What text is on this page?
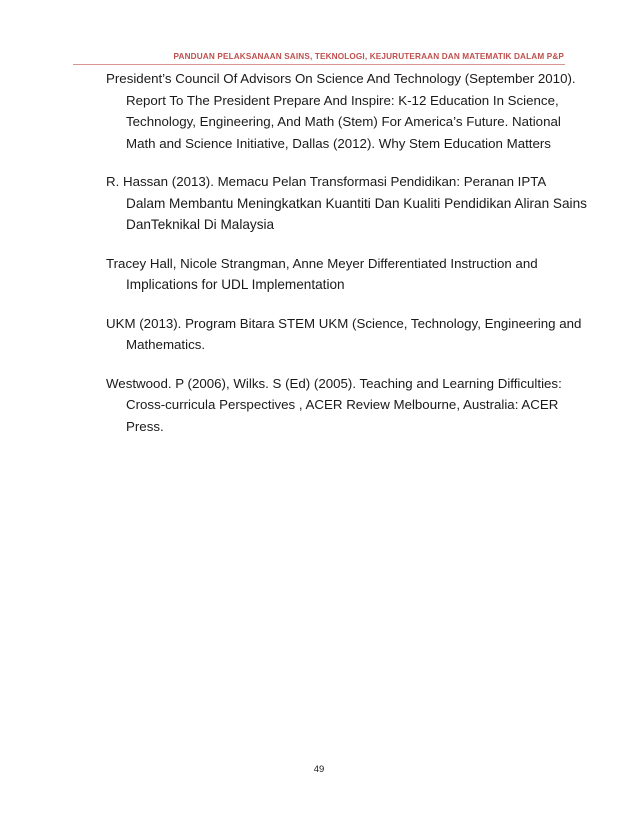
PANDUAN PELAKSANAAN SAINS, TEKNOLOGI, KEJURUTERAAN DAN MATEMATIK DALAM P&P
President’s Council Of Advisors On Science And Technology (September 2010).
Report To The President Prepare And Inspire: K-12 Education In Science,
Technology, Engineering, And Math (Stem) For America’s Future. National
Math and Science Initiative, Dallas (2012). Why Stem Education Matters
R. Hassan (2013). Memacu Pelan Transformasi Pendidikan: Peranan IPTA
Dalam Membantu Meningkatkan Kuantiti Dan Kualiti Pendidikan Aliran Sains
DanTeknikal Di Malaysia
Tracey Hall, Nicole Strangman, Anne Meyer Differentiated Instruction and
Implications for UDL Implementation
UKM (2013). Program Bitara STEM UKM (Science, Technology, Engineering and
Mathematics.
Westwood. P (2006), Wilks. S (Ed) (2005). Teaching and Learning Difficulties:
Cross-curricula Perspectives , ACER Review Melbourne, Australia: ACER
Press.
49
